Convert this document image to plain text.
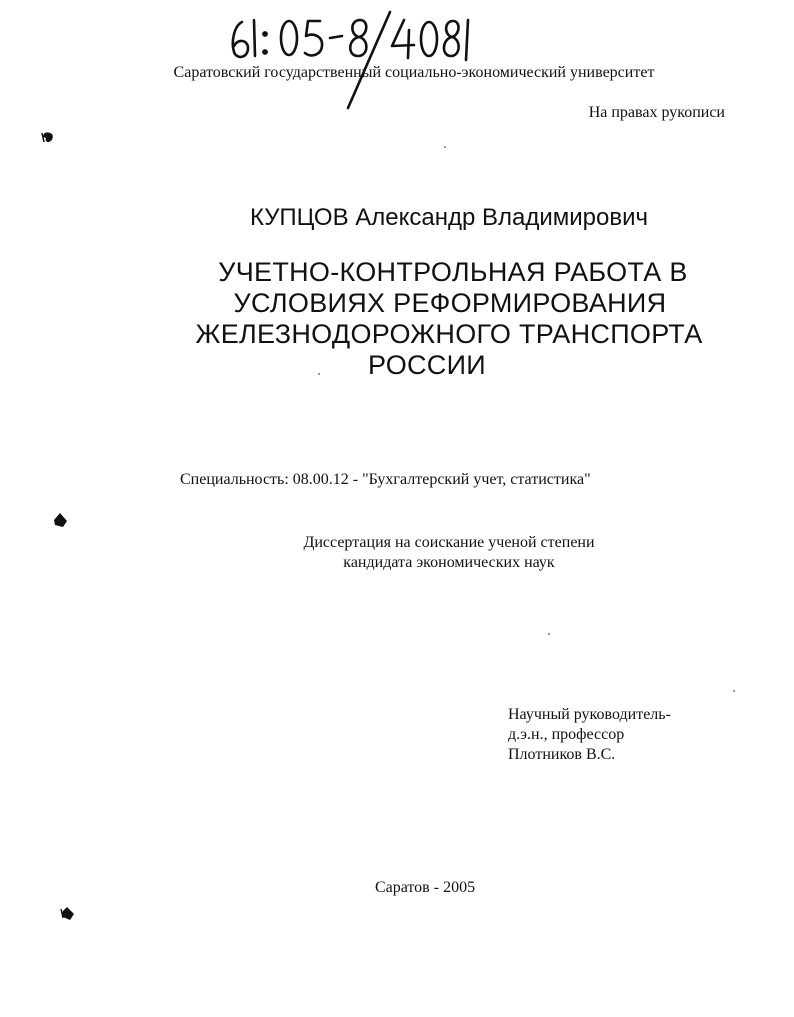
Саратовский государственный социально-экономический университет
На правах рукописи
КУПЦОВ Александр Владимирович
УЧЕТНО-КОНТРОЛЬНАЯ РАБОТА В
УСЛОВИЯХ РЕФОРМИРОВАНИЯ
ЖЕЛЕЗНОДОРОЖНОГО ТРАНСПОРТА
РОССИИ
Специальность: 08.00.12 - "Бухгалтерский учет, статистика"
Диссертация на соискание ученой степени
кандидата экономических наук
Научный руководитель-
д.э.н., профессор
Плотников В.С.
Саратов - 2005
